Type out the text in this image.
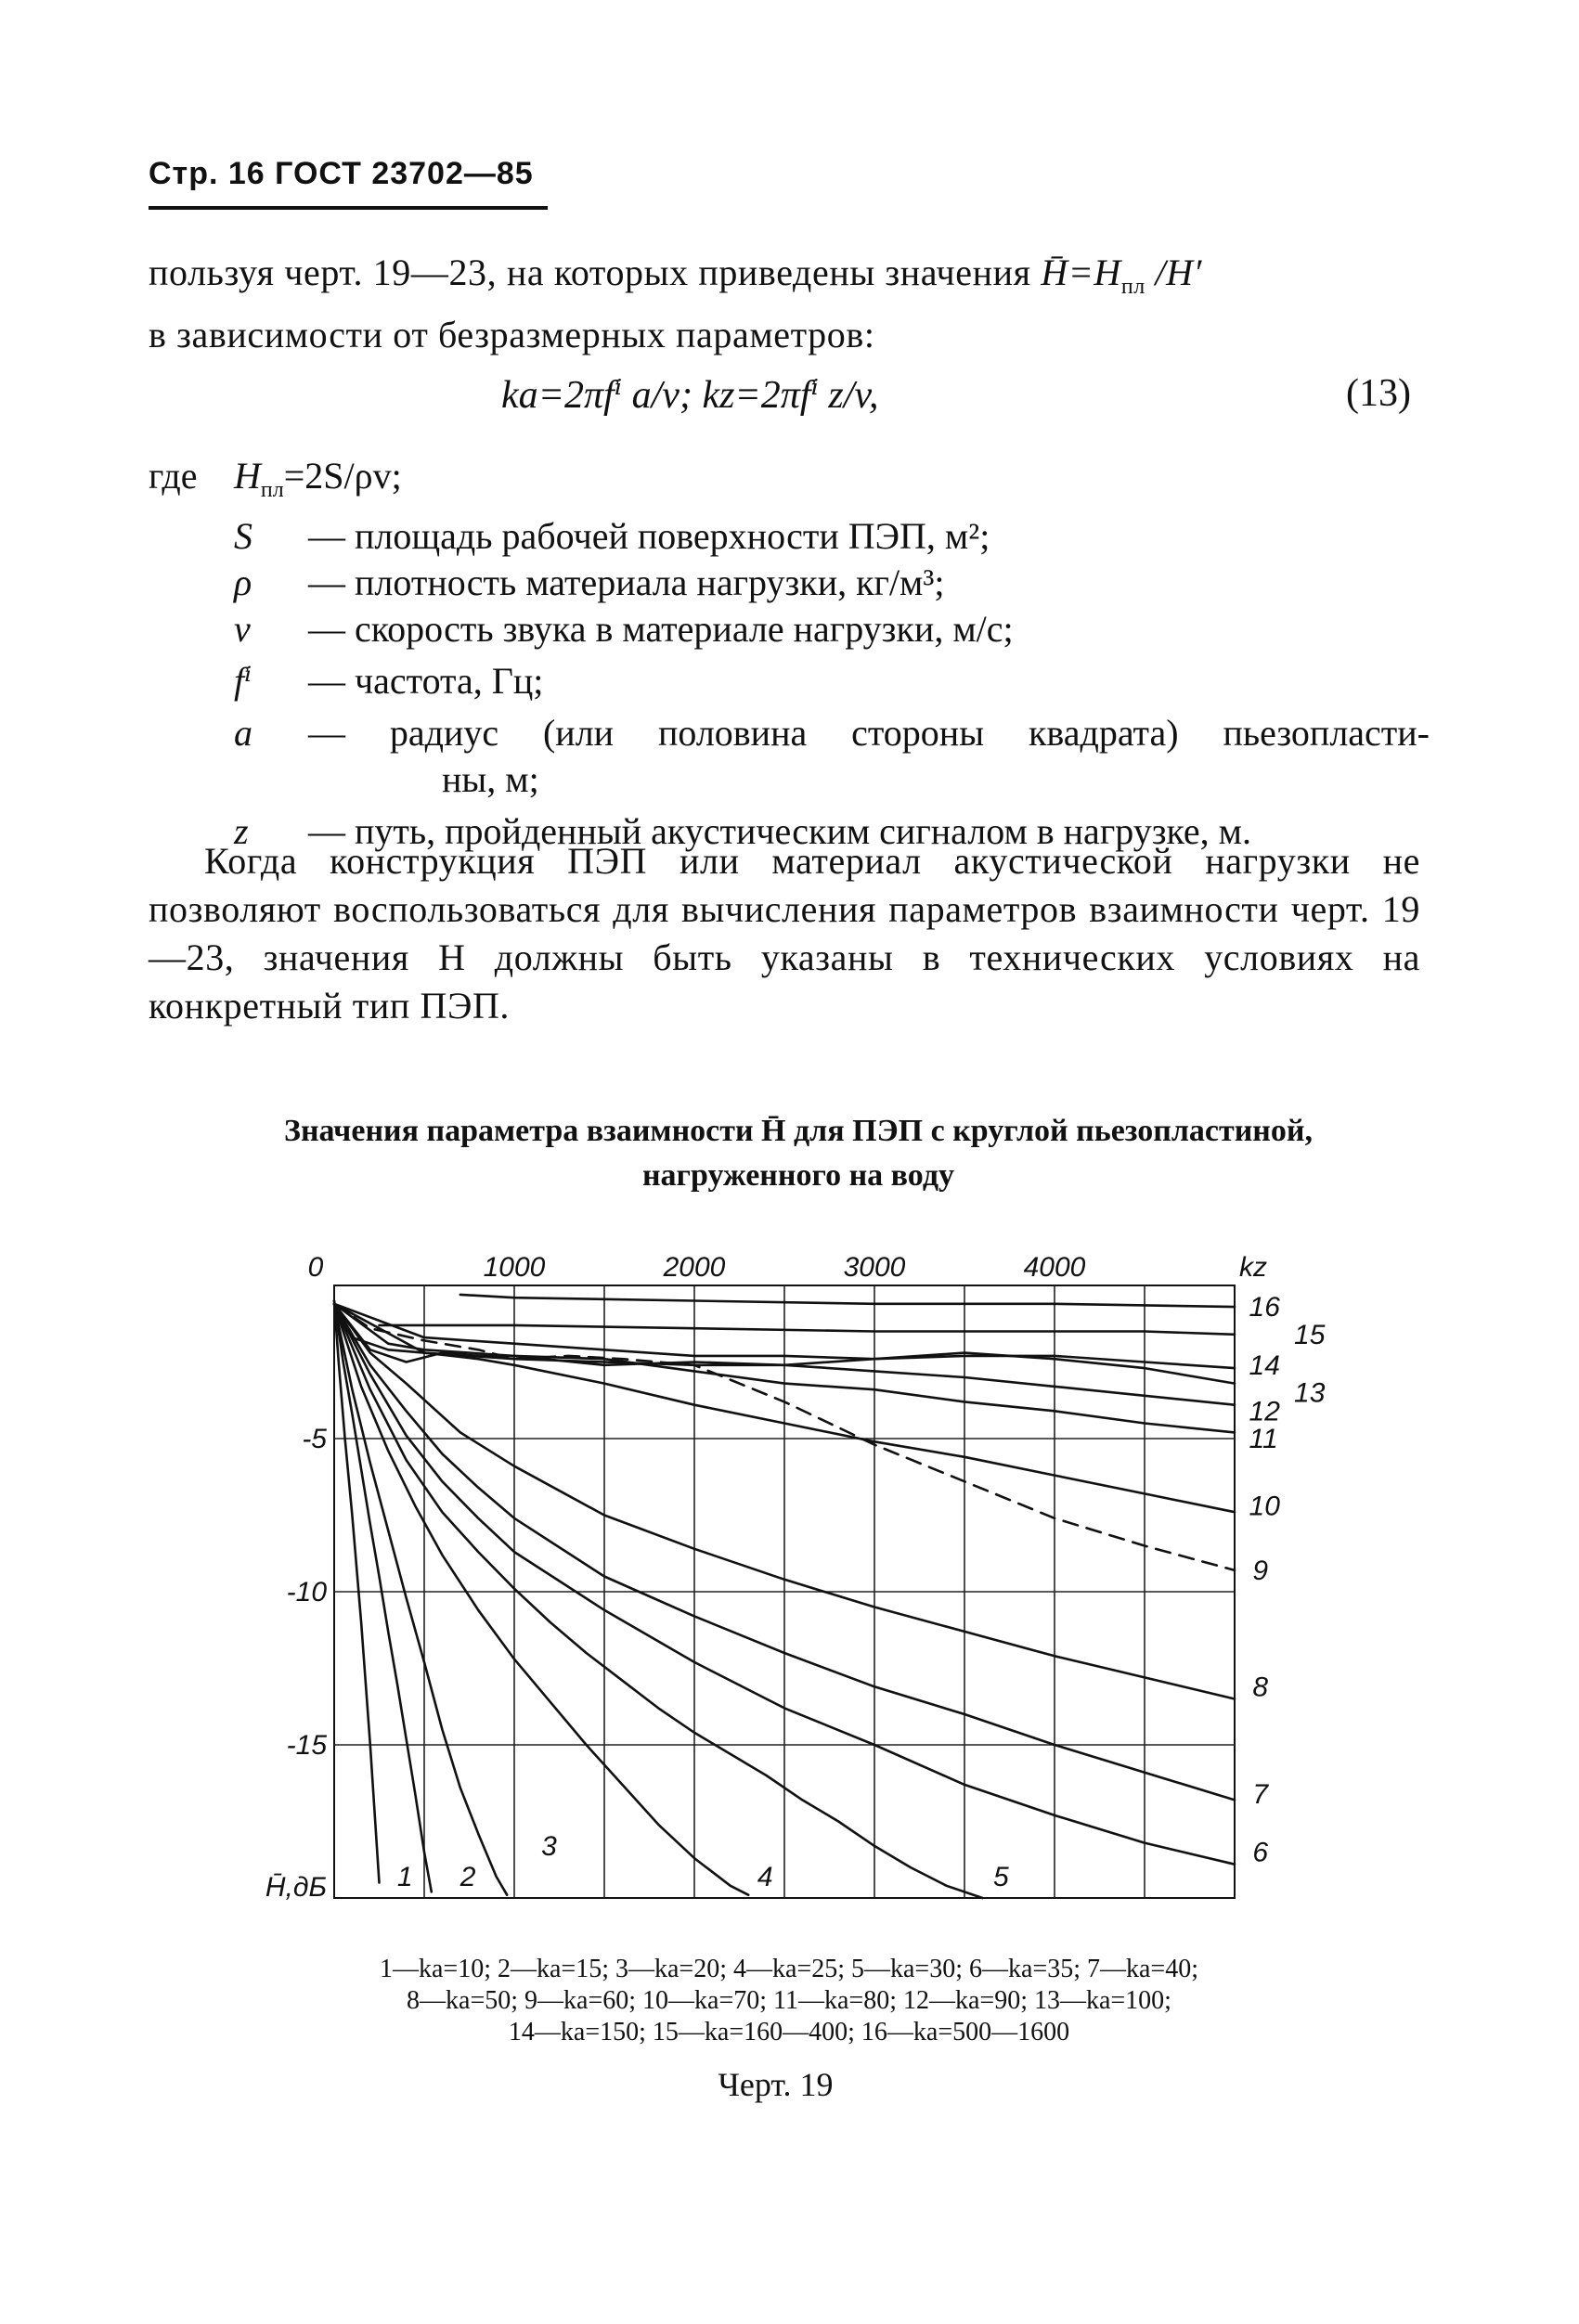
Стр. 16 ГОСТ 23702—85
пользуя черт. 19—23, на которых приведены значения $H̄=H_{пл}$ /H′
в зависимости от безразмерных параметров:
ka=2πfⁱ a/v; kz=2πfⁱ z/v,	(13)
где $H_{пл}=2S/\rho v$;
S	— площадь рабочей поверхности ПЭП, м²;
ρ	— плотность материала нагрузки, кг/м³;
v	— скорость звука в материале нагрузки, м/с;
fⁱ	— частота, Гц;
a	— радиус (или половина стороны квадрата) пьезопласти-
ны, м;
z	— путь, пройденный акустическим сигналом в нагрузке, м.
Когда конструкция ПЭП или материал акустической нагрузки не позволяют воспользоваться для вычисления параметров взаимности черт. 19—23, значения H должны быть указаны в технических условиях на конкретный тип ПЭП.
Значения параметра взаимности H̄ для ПЭП с круглой пьезопластиной,
нагруженного на воду
0	1000	2000	3000	4000	kz
-5
-10
-15
H̄,дБ	1 2
3
4	5
6
7
8
9
10
11
12
13
14
15
16
1—ka=10; 2—ka=15; 3—ka=20; 4—ka=25; 5—ka=30; 6—ka=35; 7—ka=40;
8—ka=50; 9—ka=60; 10—ka=70; 11—ka=80; 12—ka=90; 13—ka=100;
14—ka=150; 15—ka=160—400; 16—ka=500—1600
Черт. 19
